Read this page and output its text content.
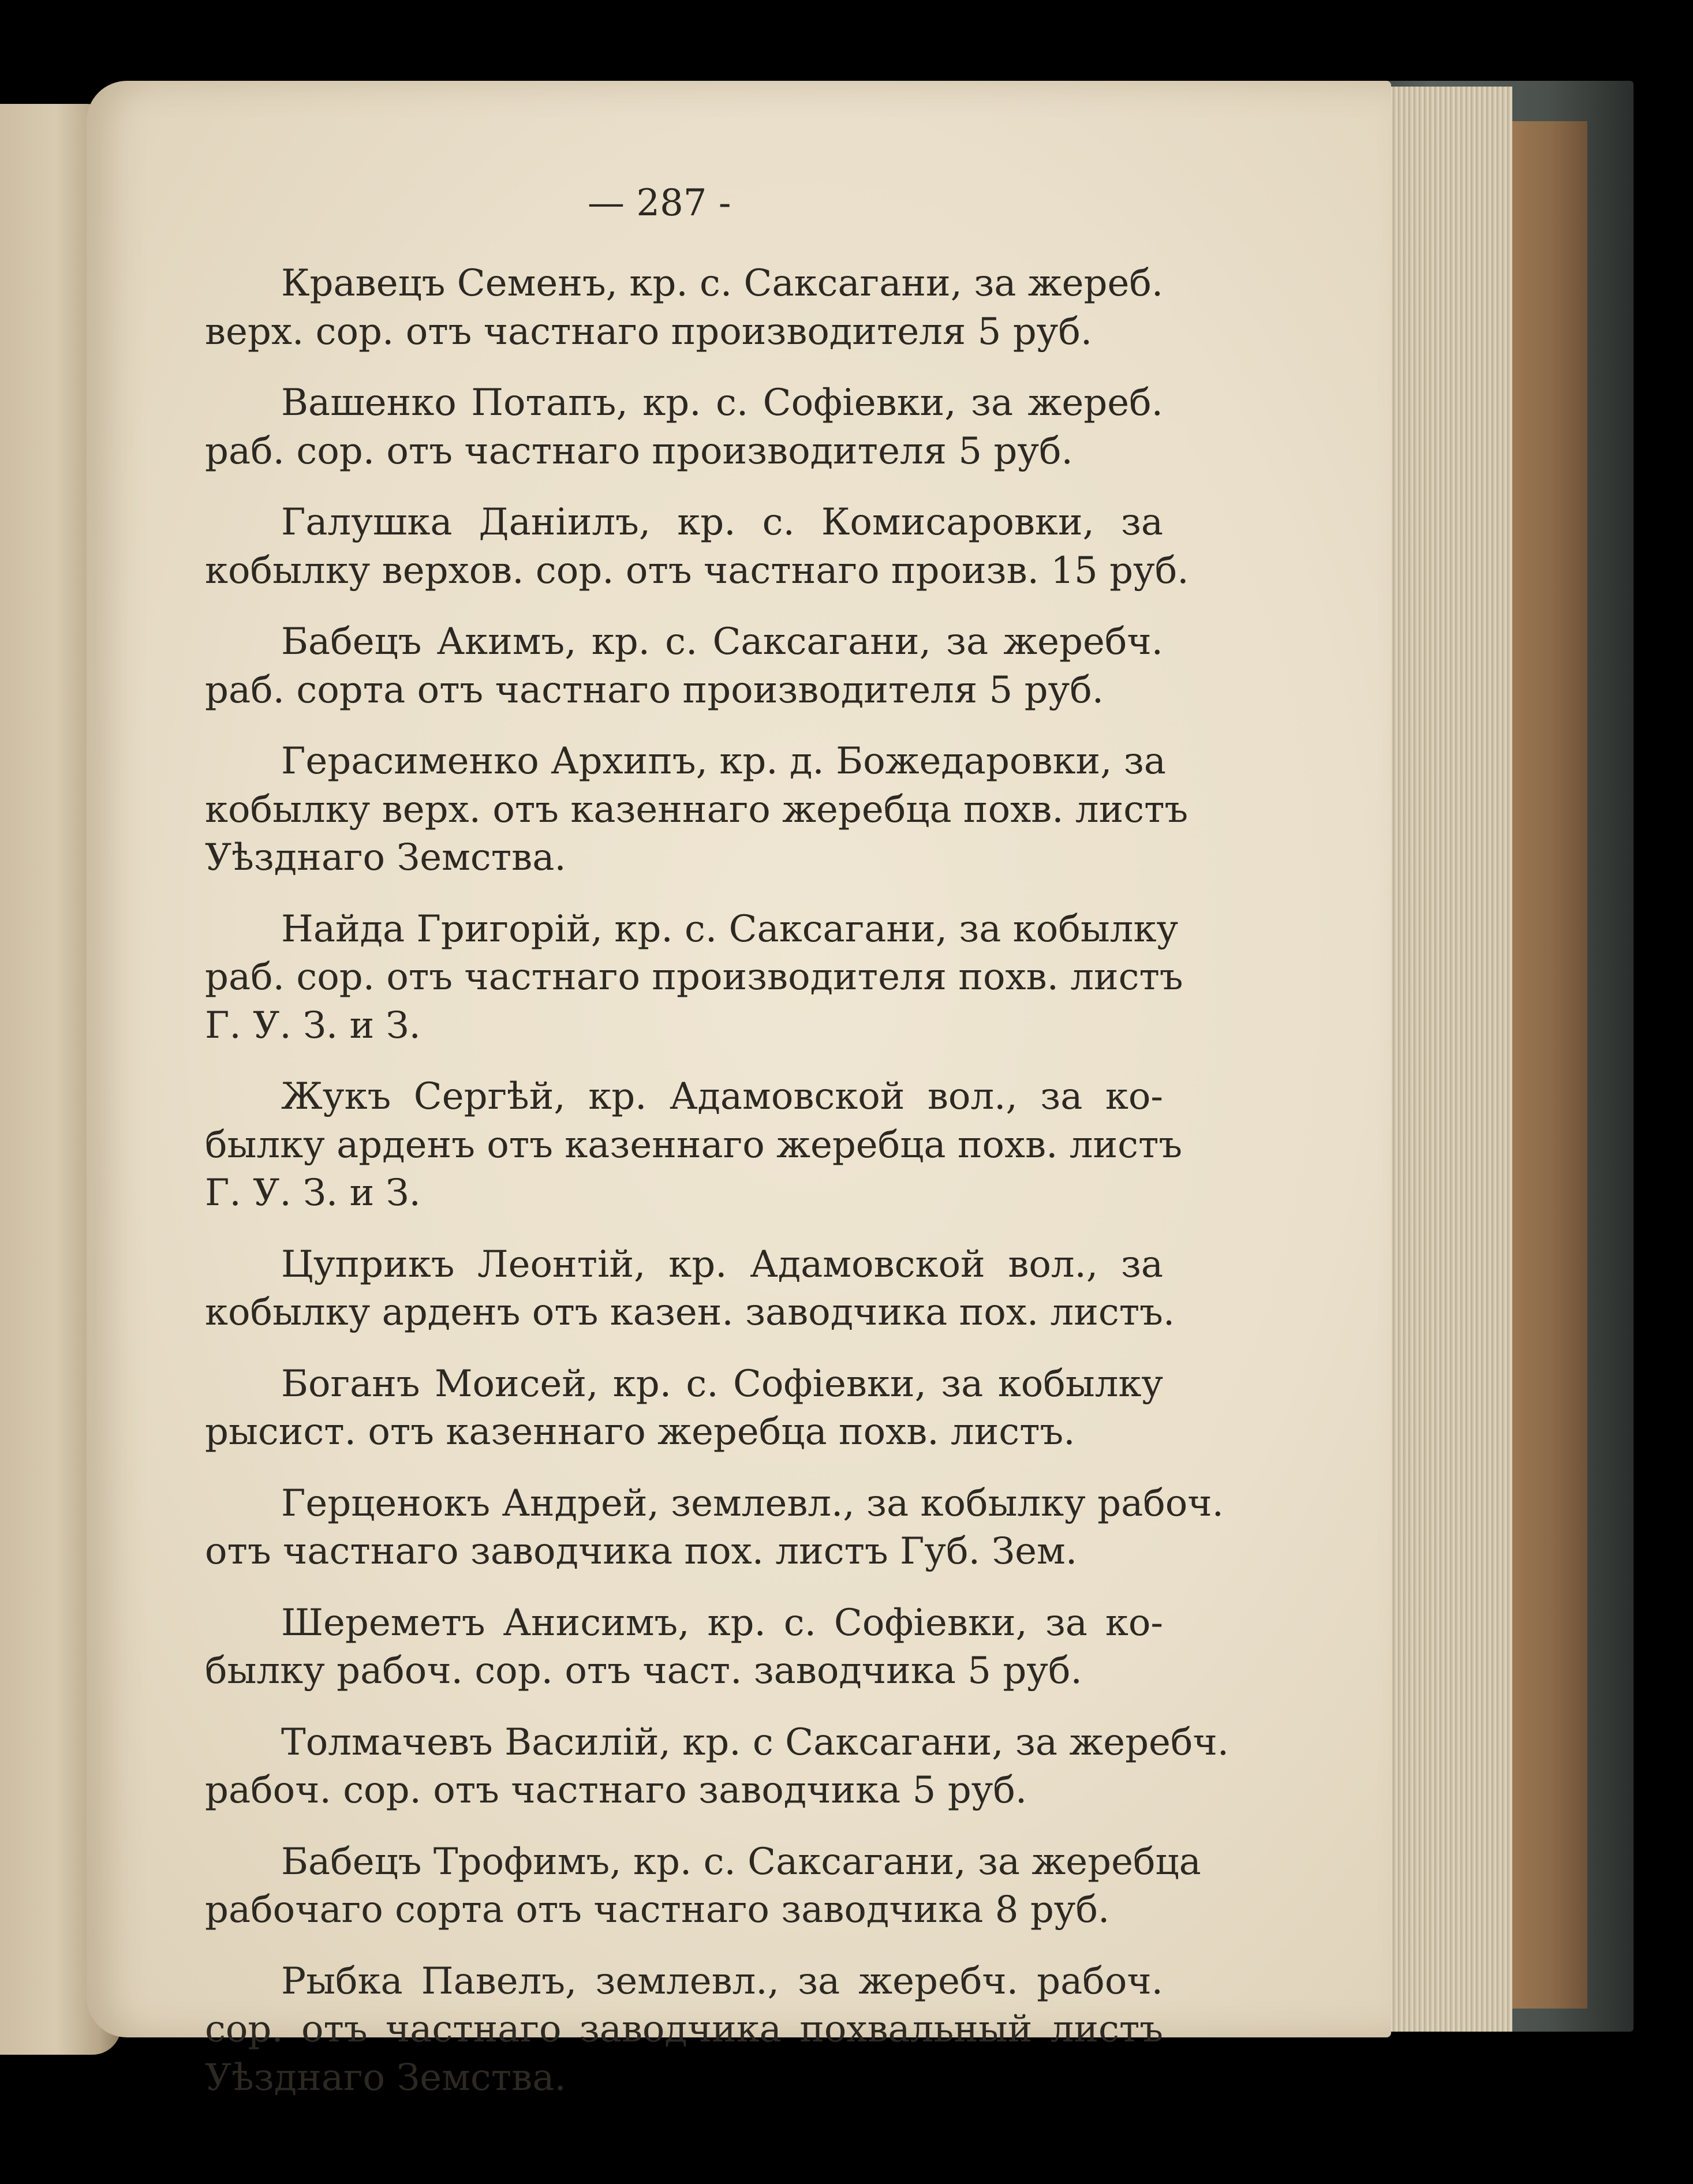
— 287 -
Кравецъ Семенъ, кр. с. Саксагани, за жереб.
верх. сор. отъ частнаго производителя 5 руб.
Вашенко Потапъ, кр. с. Софiевки, за жереб.
раб. сор. отъ частнаго производителя 5 руб.
Галушка Данiилъ, кр. с. Комисаровки, за
кобылку верхов. сор. отъ частнаго произв. 15 руб.
Бабецъ Акимъ, кр. с. Саксагани, за жеребч.
раб. сорта отъ частнаго производителя 5 руб.
Герасименко Архипъ, кр. д. Божедаровки, за
кобылку верх. отъ казеннаго жеребца похв. листъ
Уѣзднаго Земства.
Найда Григорiй, кр. с. Саксагани, за кобылку
раб. сор. отъ частнаго производителя похв. листъ
Г. У. З. и З.
Жукъ Сергѣй, кр. Адамовской вол., за ко-
былку арденъ отъ казеннаго жеребца похв. листъ
Г. У. З. и З.
Цуприкъ Леонтiй, кр. Адамовской вол., за
кобылку арденъ отъ казен. заводчика пох. листъ.
Боганъ Моисей, кр. с. Софiевки, за кобылку
рысист. отъ казеннаго жеребца похв. листъ.
Герценокъ Андрей, землевл., за кобылку рабоч.
отъ частнаго заводчика пох. листъ Губ. Зем.
Шереметъ Анисимъ, кр. с. Софiевки, за ко-
былку рабоч. сор. отъ част. заводчика 5 руб.
Толмачевъ Василiй, кр. с Саксагани, за жеребч.
рабоч. сор. отъ частнаго заводчика 5 руб.
Бабецъ Трофимъ, кр. с. Саксагани, за жеребца
рабочаго сорта отъ частнаго заводчика 8 руб.
Рыбка Павелъ, землевл., за жеребч. рабоч.
сор. отъ частнаго заводчика похвальный листъ
Уѣзднаго Земства.
